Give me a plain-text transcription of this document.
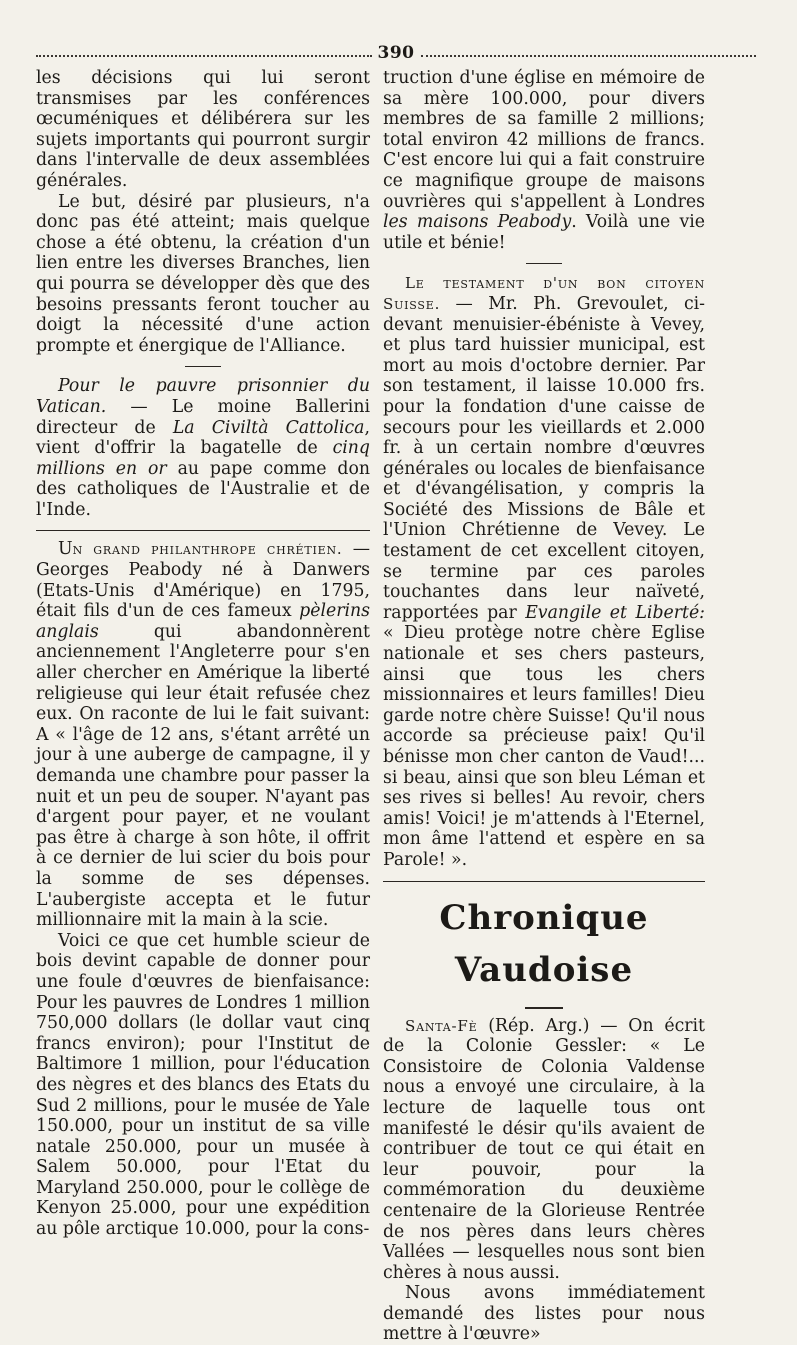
390

les décisions qui lui seront transmises par les conférences œcuméniques et délibérera sur les sujets importants qui pourront surgir dans l'intervalle de deux assemblées générales.

Le but, désiré par plusieurs, n'a donc pas été atteint; mais quelque chose a été obtenu, la création d'un lien entre les diverses Branches, lien qui pourra se développer dès que des besoins pressants feront toucher au doigt la nécessité d'une action prompte et énergique de l'Alliance.

Pour le pauvre prisonnier du Vatican. — Le moine Ballerini directeur de La Civiltà Cattolica, vient d'offrir la bagatelle de cinq millions en or au pape comme don des catholiques de l'Australie et de l'Inde.

Un grand philanthrope chrétien. — Georges Peabody né à Danwers (Etats-Unis d'Amérique) en 1795, était fils d'un de ces fameux pèlerins anglais qui abandonnèrent anciennement l'Angleterre pour s'en aller chercher en Amérique la liberté religieuse qui leur était refusée chez eux. On raconte de lui le fait suivant: A « l'âge de 12 ans, s'étant arrêté un jour à une auberge de campagne, il y demanda une chambre pour passer la nuit et un peu de souper. N'ayant pas d'argent pour payer, et ne voulant pas être à charge à son hôte, il offrit à ce dernier de lui scier du bois pour la somme de ses dépenses. L'aubergiste accepta et le futur millionnaire mit la main à la scie.

Voici ce que cet humble scieur de bois devint capable de donner pour une foule d'œuvres de bienfaisance: Pour les pauvres de Londres 1 million 750,000 dollars (le dollar vaut cinq francs environ); pour l'Institut de Baltimore 1 million, pour l'éducation des nègres et des blancs des Etats du Sud 2 millions, pour le musée de Yale 150.000, pour un institut de sa ville natale 250.000, pour un musée à Salem 50.000, pour l'Etat du Maryland 250.000, pour le collège de Kenyon 25.000, pour une expédition au pôle arctique 10.000, pour la cons-

truction d'une église en mémoire de sa mère 100.000, pour divers membres de sa famille 2 millions; total environ 42 millions de francs. C'est encore lui qui a fait construire ce magnifique groupe de maisons ouvrières qui s'appellent à Londres les maisons Peabody. Voilà une vie utile et bénie!

Le testament d'un bon citoyen Suisse. — Mr. Ph. Grevoulet, ci-devant menuisier-ébéniste à Vevey, et plus tard huissier municipal, est mort au mois d'octobre dernier. Par son testament, il laisse 10.000 frs. pour la fondation d'une caisse de secours pour les vieillards et 2.000 fr. à un certain nombre d'œuvres générales ou locales de bienfaisance et d'évangélisation, y compris la Société des Missions de Bâle et l'Union Chrétienne de Vevey. Le testament de cet excellent citoyen, se termine par ces paroles touchantes dans leur naïveté, rapportées par Evangile et Liberté: « Dieu protège notre chère Eglise nationale et ses chers pasteurs, ainsi que tous les chers missionnaires et leurs familles! Dieu garde notre chère Suisse! Qu'il nous accorde sa précieuse paix! Qu'il bénisse mon cher canton de Vaud!... si beau, ainsi que son bleu Léman et ses rives si belles! Au revoir, chers amis! Voici! je m'attends à l'Eternel, mon âme l'attend et espère en sa Parole! ».

Chronique Vaudoise

Santa-Fè (Rép. Arg.) — On écrit de la Colonie Gessler: « Le Consistoire de Colonia Valdense nous a envoyé une circulaire, à la lecture de laquelle tous ont manifesté le désir qu'ils avaient de contribuer de tout ce qui était en leur pouvoir, pour la commémoration du deuxième centenaire de la Glorieuse Rentrée de nos pères dans leurs chères Vallées — lesquelles nous sont bien chères à nous aussi.

Nous avons immédiatement demandé des listes pour nous mettre à l'œuvre»
